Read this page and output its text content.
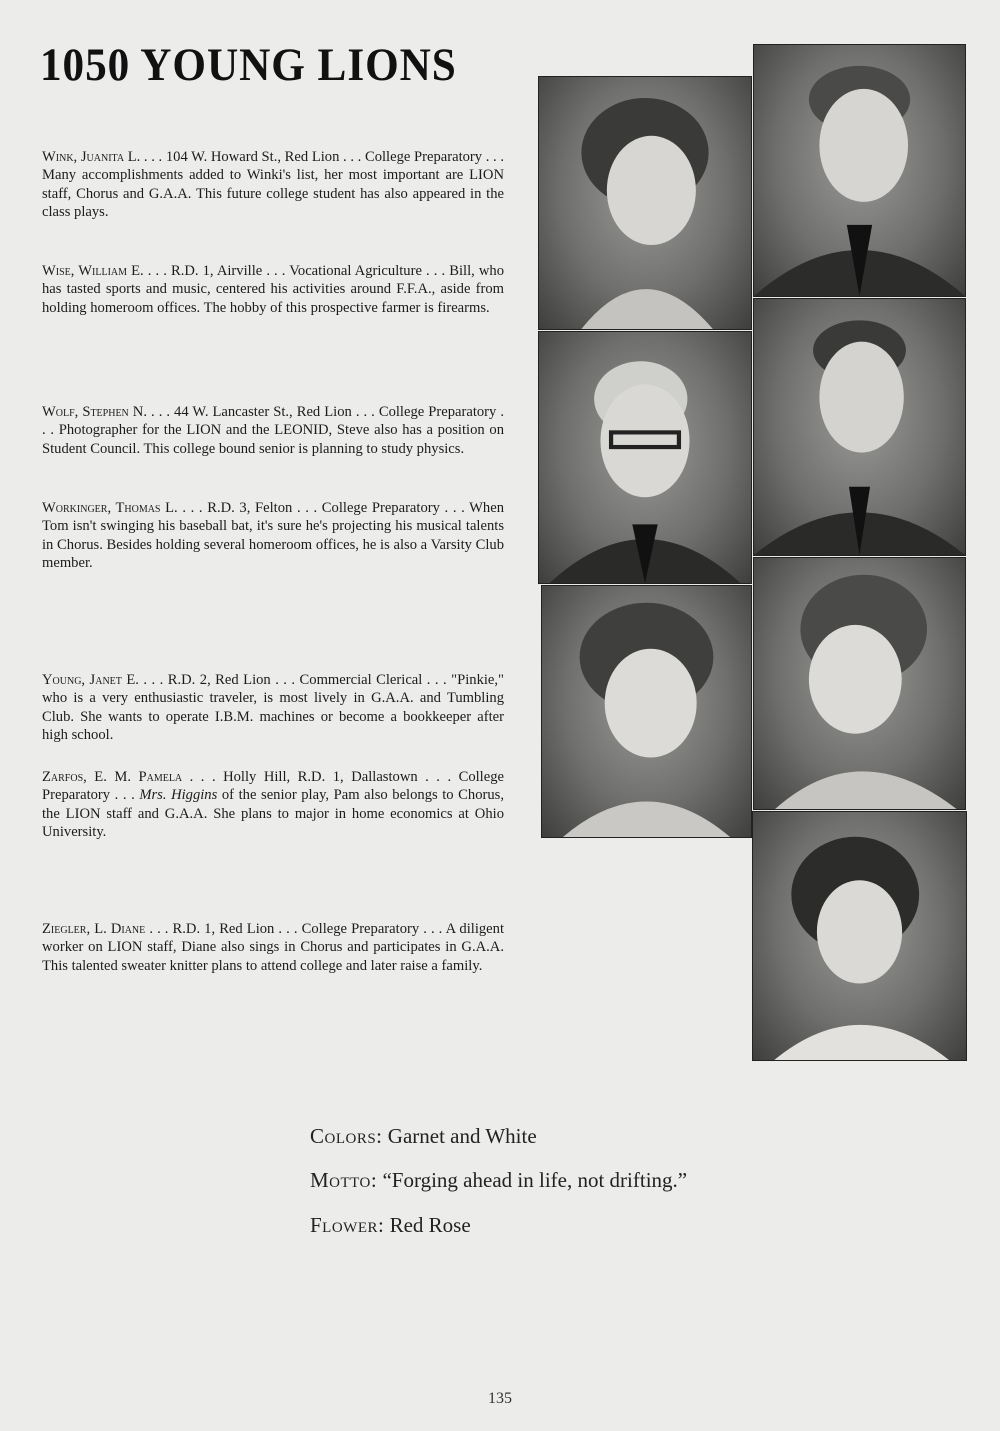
1050 YOUNG LIONS
Wink, Juanita L. . . . 104 W. Howard St., Red Lion . . . College Preparatory . . . Many accomplishments added to Winki's list, her most important are LION staff, Chorus and G.A.A. This future college student has also appeared in the class plays.
Wise, William E. . . . R.D. 1, Airville . . . Vocational Agriculture . . . Bill, who has tasted sports and music, centered his activities around F.F.A., aside from holding homeroom offices. The hobby of this prospective farmer is firearms.
Wolf, Stephen N. . . . 44 W. Lancaster St., Red Lion . . . College Preparatory . . . Photographer for the LION and the LEONID, Steve also has a position on Student Council. This college bound senior is planning to study physics.
Workinger, Thomas L. . . . R.D. 3, Felton . . . College Preparatory . . . When Tom isn't swinging his baseball bat, it's sure he's projecting his musical talents in Chorus. Besides holding several homeroom offices, he is also a Varsity Club member.
Young, Janet E. . . . R.D. 2, Red Lion . . . Commercial Clerical . . . "Pinkie," who is a very enthusiastic traveler, is most lively in G.A.A. and Tumbling Club. She wants to operate I.B.M. machines or become a bookkeeper after high school.
Zarfos, E. M. Pamela . . . Holly Hill, R.D. 1, Dallastown . . . College Preparatory . . . Mrs. Higgins of the senior play, Pam also belongs to Chorus, the LION staff and G.A.A. She plans to major in home economics at Ohio University.
Ziegler, L. Diane . . . R.D. 1, Red Lion . . . College Preparatory . . . A diligent worker on LION staff, Diane also sings in Chorus and participates in G.A.A. This talented sweater knitter plans to attend college and later raise a family.
Colors: Garnet and White
Motto: “Forging ahead in life, not drifting.”
Flower: Red Rose
135
